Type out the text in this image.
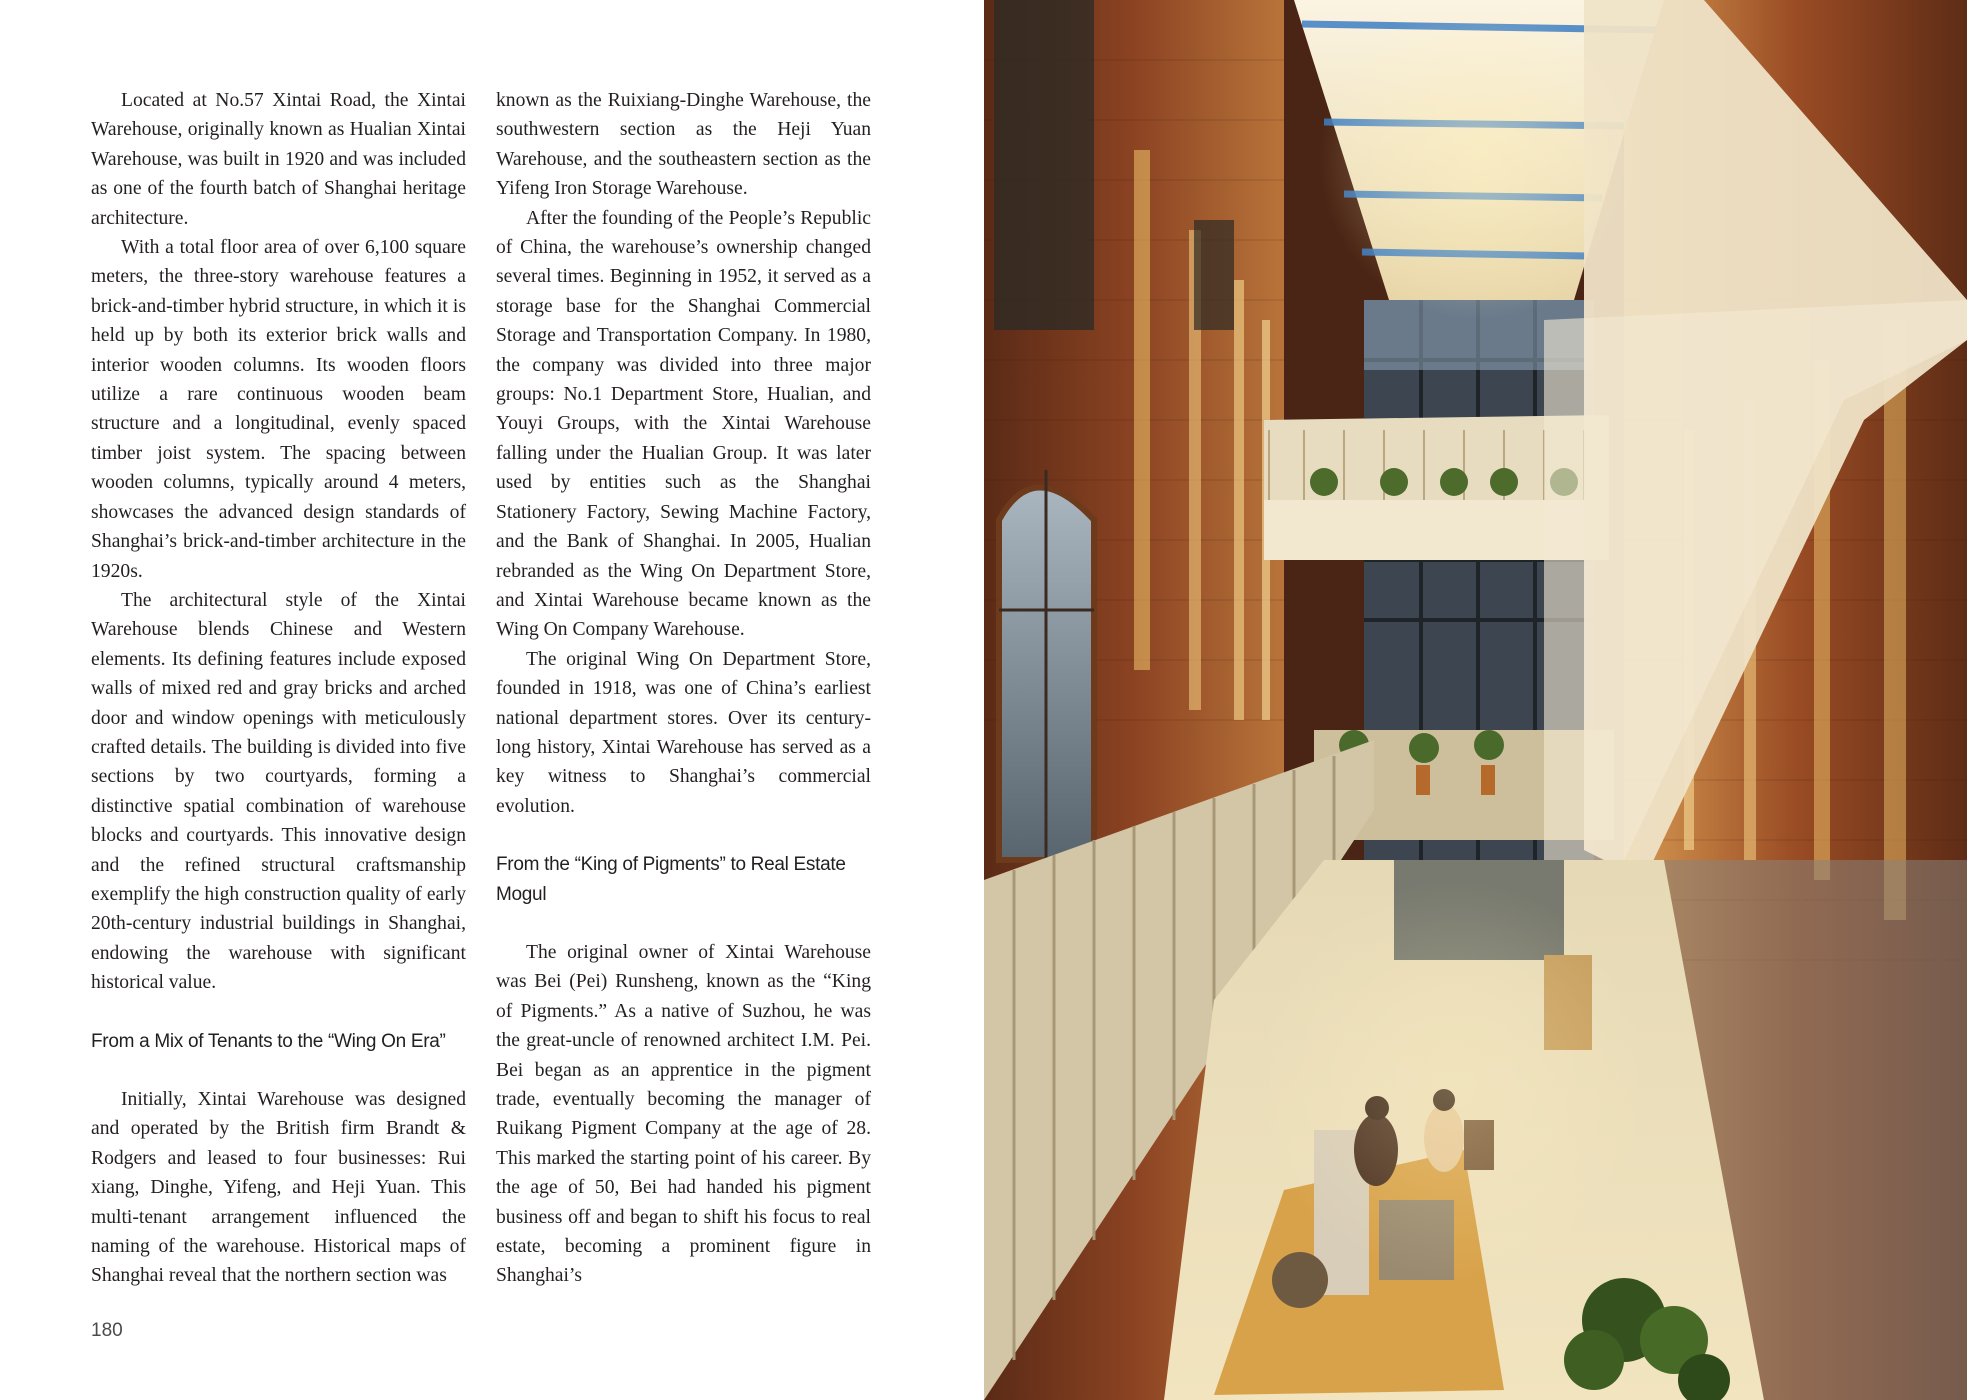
Located at No.57 Xintai Road, the Xintai Warehouse, originally known as Hualian Xintai Warehouse, was built in 1920 and was included as one of the fourth batch of Shanghai heritage architecture.

With a total floor area of over 6,100 square meters, the three-story warehouse features a brick-and-timber hybrid structure, in which it is held up by both its exterior brick walls and interior wooden columns. Its wooden floors utilize a rare continuous wooden beam structure and a longitudinal, evenly spaced timber joist system. The spacing between wooden columns, typically around 4 meters, showcases the advanced design standards of Shanghai’s brick-and-timber architecture in the 1920s.

The architectural style of the Xintai Warehouse blends Chinese and Western elements. Its defining features include exposed walls of mixed red and gray bricks and arched door and window openings with meticulously crafted details. The building is divided into five sections by two courtyards, forming a distinctive spatial combination of warehouse blocks and courtyards. This innovative design and the refined structural craftsmanship exemplify the high construction quality of early 20th-century industrial buildings in Shanghai, endowing the warehouse with significant historical value.

From a Mix of Tenants to the “Wing On Era”

Initially, Xintai Warehouse was designed and operated by the British firm Brandt & Rodgers and leased to four businesses: Rui xiang, Dinghe, Yifeng, and Heji Yuan. This multi-tenant arrangement influenced the naming of the warehouse. Historical maps of Shanghai reveal that the northern section was

known as the Ruixiang-Dinghe Warehouse, the southwestern section as the Heji Yuan Warehouse, and the southeastern section as the Yifeng Iron Storage Warehouse.

After the founding of the People’s Republic of China, the warehouse’s ownership changed several times. Beginning in 1952, it served as a storage base for the Shanghai Commercial Storage and Transportation Company. In 1980, the company was divided into three major groups: No.1 Department Store, Hualian, and Youyi Groups, with the Xintai Warehouse falling under the Hualian Group. It was later used by entities such as the Shanghai Stationery Factory, Sewing Machine Factory, and the Bank of Shanghai. In 2005, Hualian rebranded as the Wing On Department Store, and Xintai Warehouse became known as the Wing On Company Warehouse.

The original Wing On Department Store, founded in 1918, was one of China’s earliest national department stores. Over its century-long history, Xintai Warehouse has served as a key witness to Shanghai’s commercial evolution.

From the “King of Pigments” to Real Estate Mogul

The original owner of Xintai Warehouse was Bei (Pei) Runsheng, known as the “King of Pigments.” As a native of Suzhou, he was the great-uncle of renowned architect I.M. Pei. Bei began as an apprentice in the pigment trade, eventually becoming the manager of Ruikang Pigment Company at the age of 28. This marked the starting point of his career. By the age of 50, Bei had handed his pigment business off and began to shift his focus to real estate, becoming a prominent figure in Shanghai’s

180
